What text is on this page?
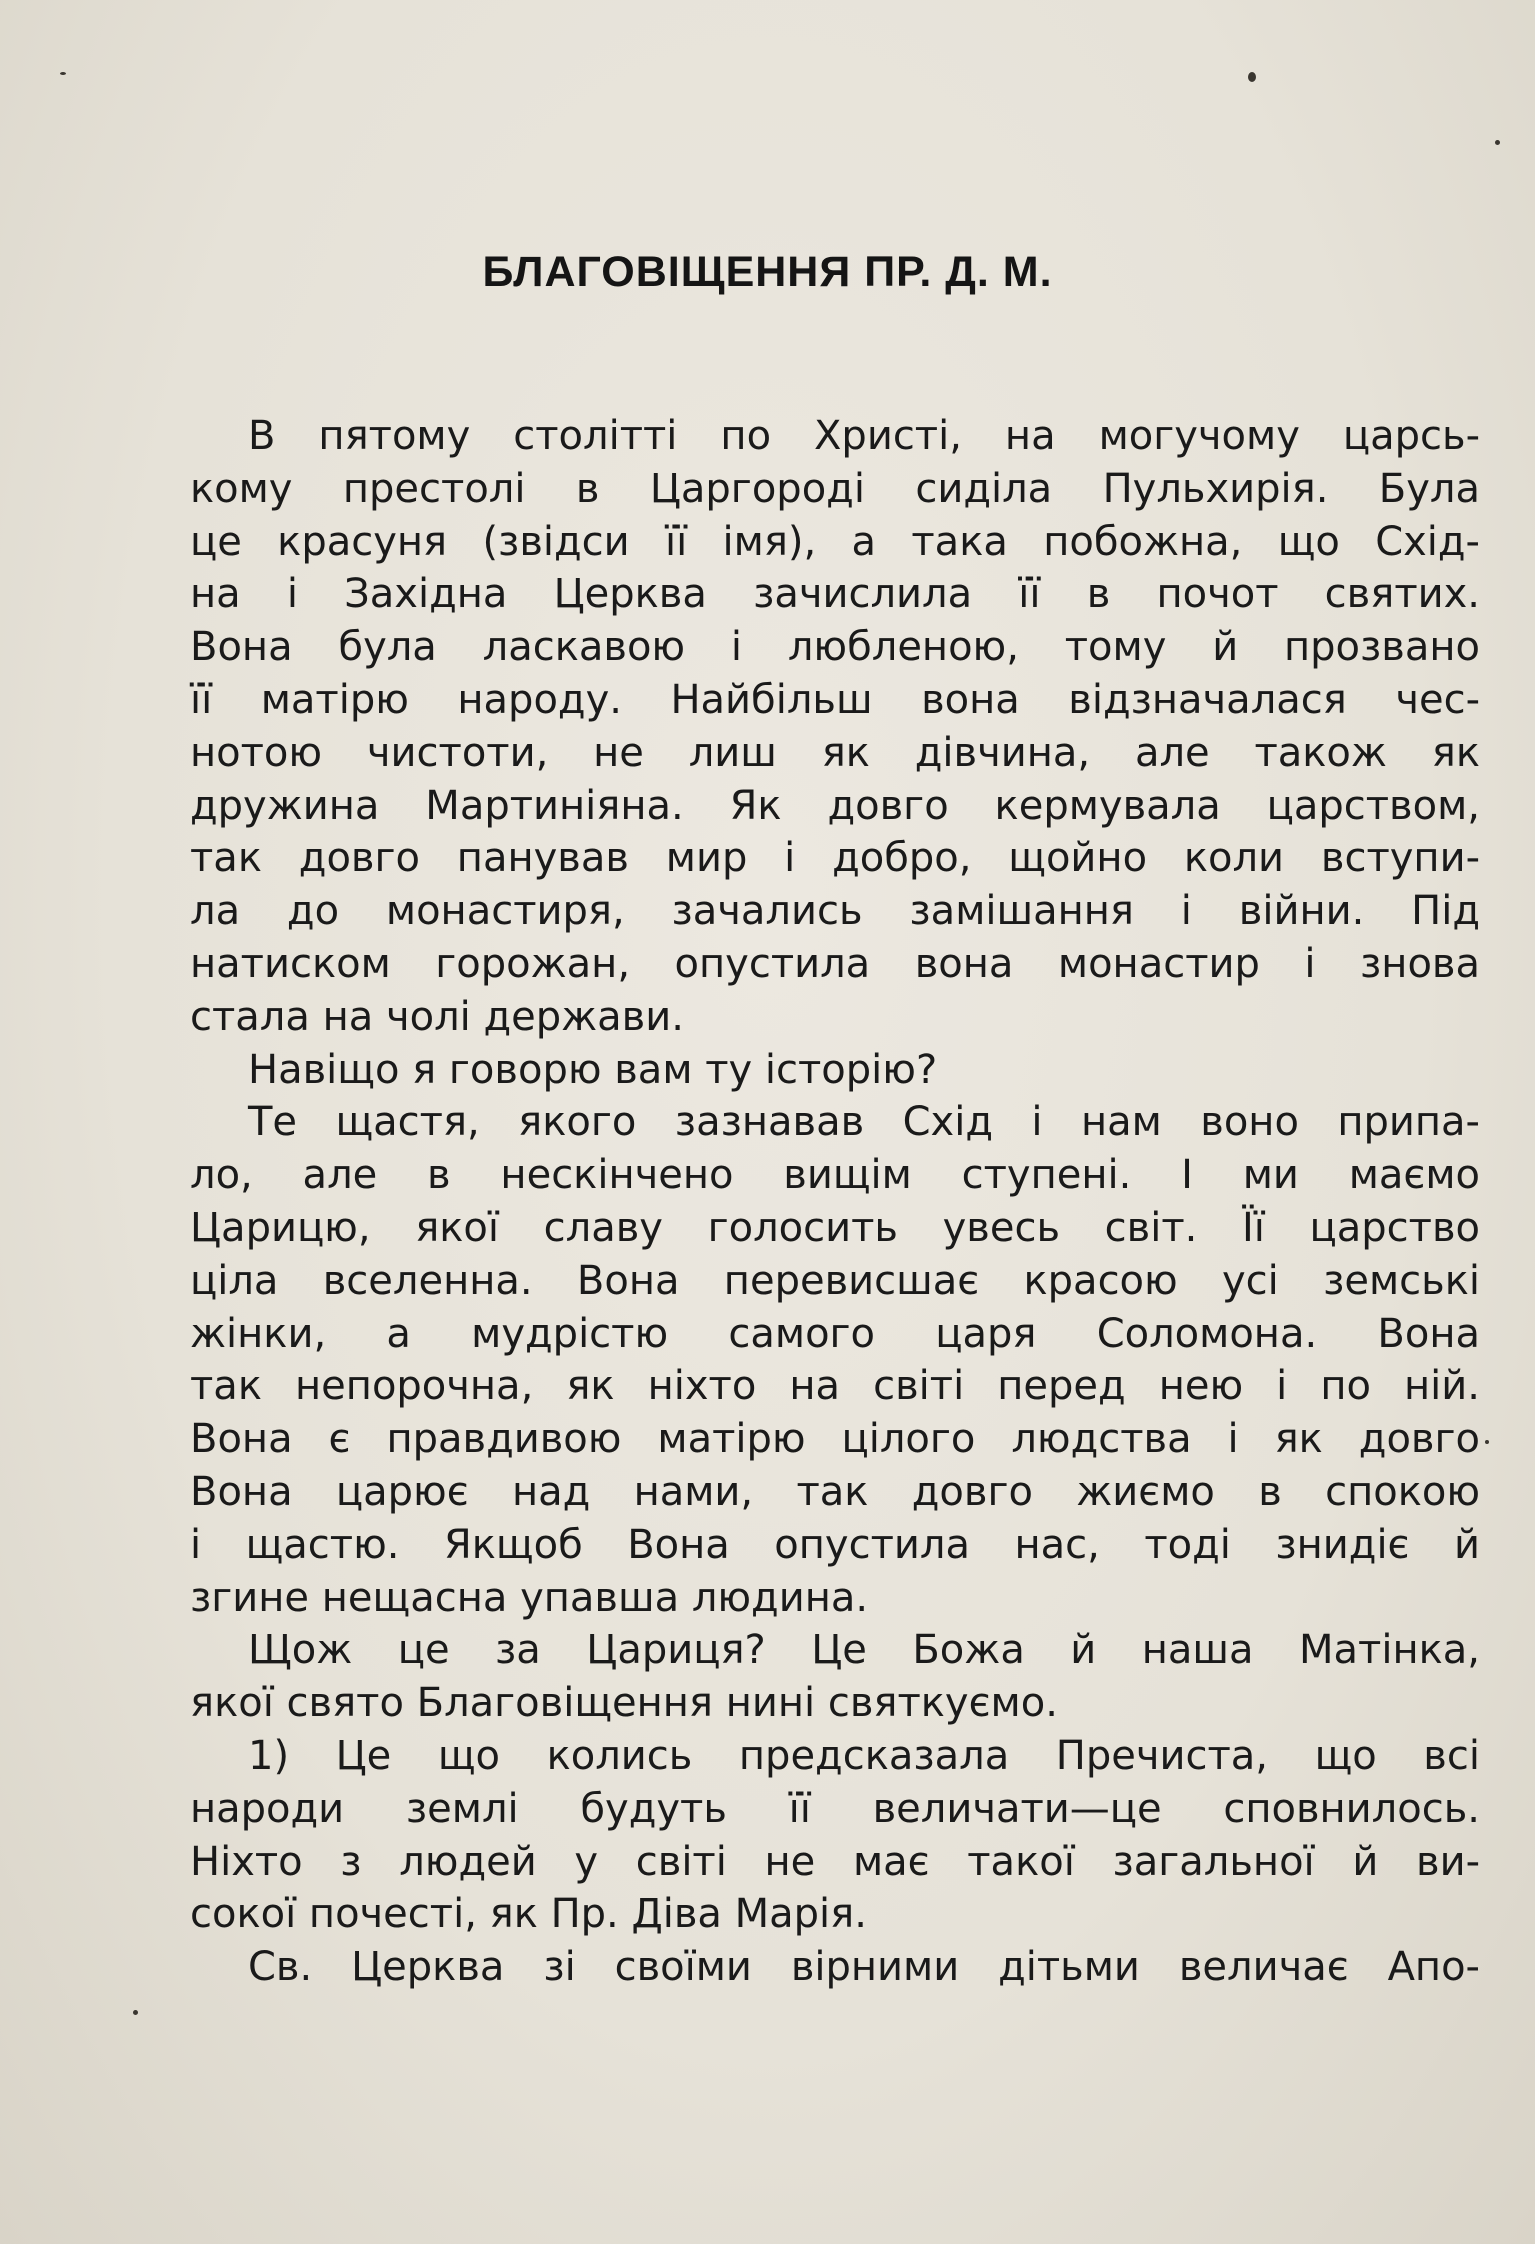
БЛАГОВІЩЕННЯ ПР. Д. М.
В пятому столітті по Христі, на могучому царсь-
кому престолі в Царгороді сиділа Пульхирія. Була
це красуня (звідси її імя), а така побожна, що Схід-
на і Західна Церква зачислила її в почот святих.
Вона була ласкавою і любленою, тому й прозвано
її матірю народу. Найбільш вона відзначалася чес-
нотою чистоти, не лиш як дівчина, але також як
дружина Мартиніяна. Як довго кермувала царством,
так довго панував мир і добро, щойно коли вступи-
ла до монастиря, зачались замішання і війни. Під
натиском горожан, опустила вона монастир і знова
стала на чолі держави.
Навіщо я говорю вам ту історію?
Те щастя, якого зазнавав Схід і нам воно припа-
ло, але в нескінчено вищім ступені. І ми маємо
Царицю, якої славу голосить увесь світ. Її царство
ціла вселенна. Вона перевисшає красою усі земські
жінки, а мудрістю самого царя Соломона. Вона
так непорочна, як ніхто на світі перед нею і по ній.
Вона є правдивою матірю цілого людства і як довго
Вона царює над нами, так довго жиємо в спокою
і щастю. Якщоб Вона опустила нас, тоді знидіє й
згине нещасна упавша людина.
Щож це за Цариця? Це Божа й наша Матінка,
якої свято Благовіщення нині святкуємо.
1) Це що колись предсказала Пречиста, що всі
народи землі будуть її величати—це сповнилось.
Ніхто з людей у світі не має такої загальної й ви-
сокої почесті, як Пр. Діва Марія.
Св. Церква зі своїми вірними дітьми величає Апо-
